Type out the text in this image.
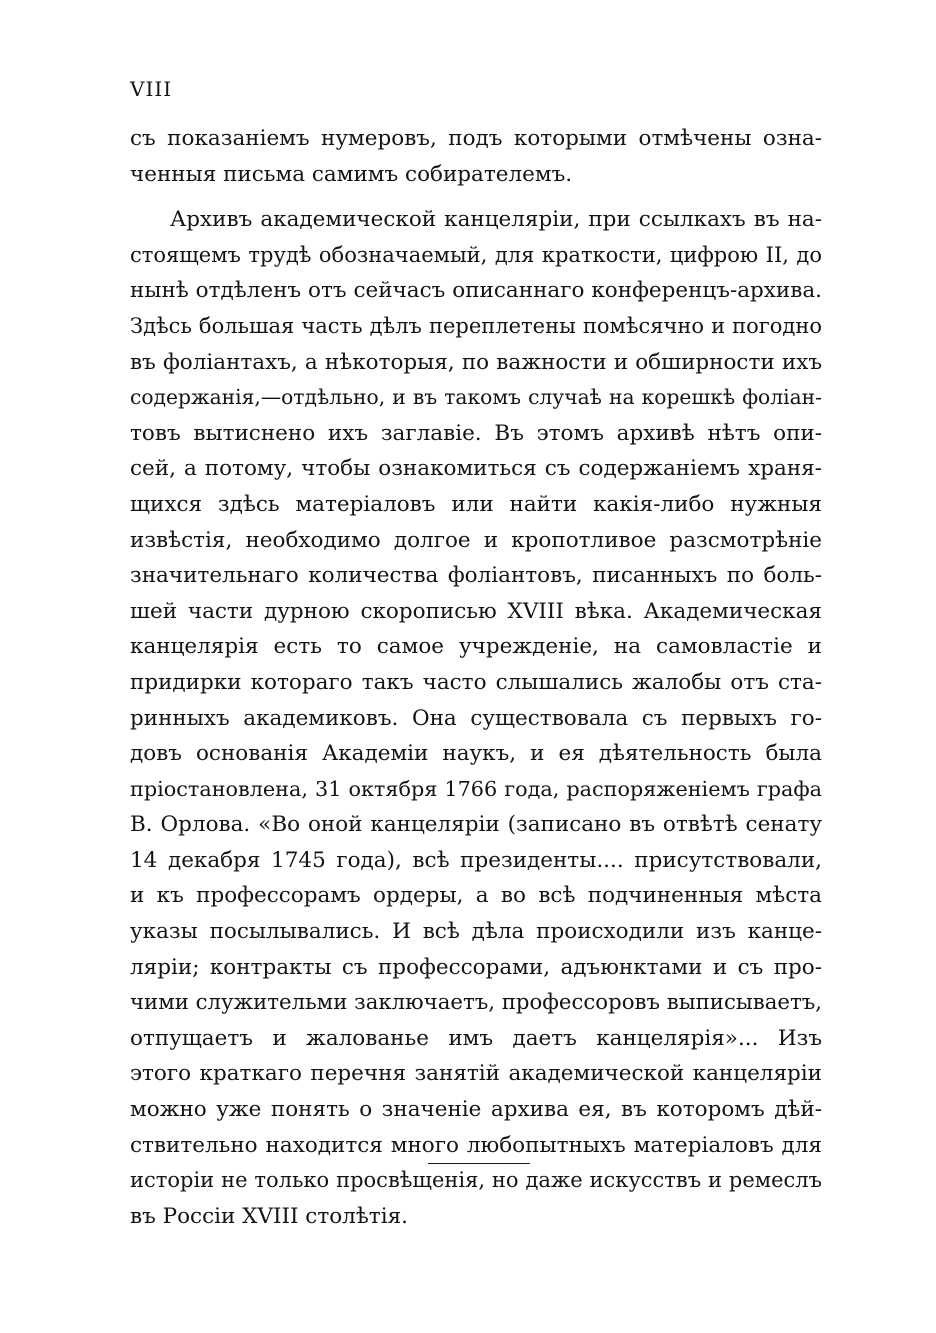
VIII
съ показаніемъ нумеровъ, подъ которыми отмѣчены озна-
ченныя письма самимъ собирателемъ.
Архивъ академической канцеляріи, при ссылкахъ въ на-
стоящемъ трудѣ обозначаемый, для краткости, цифрою II, до
нынѣ отдѣленъ отъ сейчасъ описаннаго конференцъ-архива.
Здѣсь большая часть дѣлъ переплетены помѣсячно и погодно
въ фоліантахъ, а нѣкоторыя, по важности и обширности ихъ
содержанія,—отдѣльно, и въ такомъ случаѣ на корешкѣ фоліан-
товъ вытиснено ихъ заглавіе. Въ этомъ архивѣ нѣтъ опи-
сей, а потому, чтобы ознакомиться съ содержаніемъ храня-
щихся здѣсь матеріаловъ или найти какія-либо нужныя
извѣстія, необходимо долгое и кропотливое разсмотрѣніе
значительнаго количества фоліантовъ, писанныхъ по боль-
шей части дурною скорописью XVIII вѣка. Академическая
канцелярія есть то самое учрежденіе, на самовластіе и
придирки котораго такъ часто слышались жалобы отъ ста-
ринныхъ академиковъ. Она существовала съ первыхъ го-
довъ основанія Академіи наукъ, и ея дѣятельность была
пріостановлена, 31 октября 1766 года, распоряженіемъ графа
В. Орлова. «Во оной канцеляріи (записано въ отвѣтѣ сенату
14 декабря 1745 года), всѣ президенты.... присутствовали,
и къ профессорамъ ордеры, а во всѣ подчиненныя мѣста
указы посылывались. И всѣ дѣла происходили изъ канце-
ляріи; контракты съ профессорами, адъюнктами и съ про-
чими служительми заключаетъ, профессоровъ выписываетъ,
отпущаетъ и жалованье имъ даетъ канцелярія»... Изъ
этого краткаго перечня занятій академической канцеляріи
можно уже понять о значеніе архива ея, въ которомъ дѣй-
ствительно находится много любопытныхъ матеріаловъ для
исторіи не только просвѣщенія, но даже искусствъ и ремеслъ
въ Россіи XVIII столѣтія.
